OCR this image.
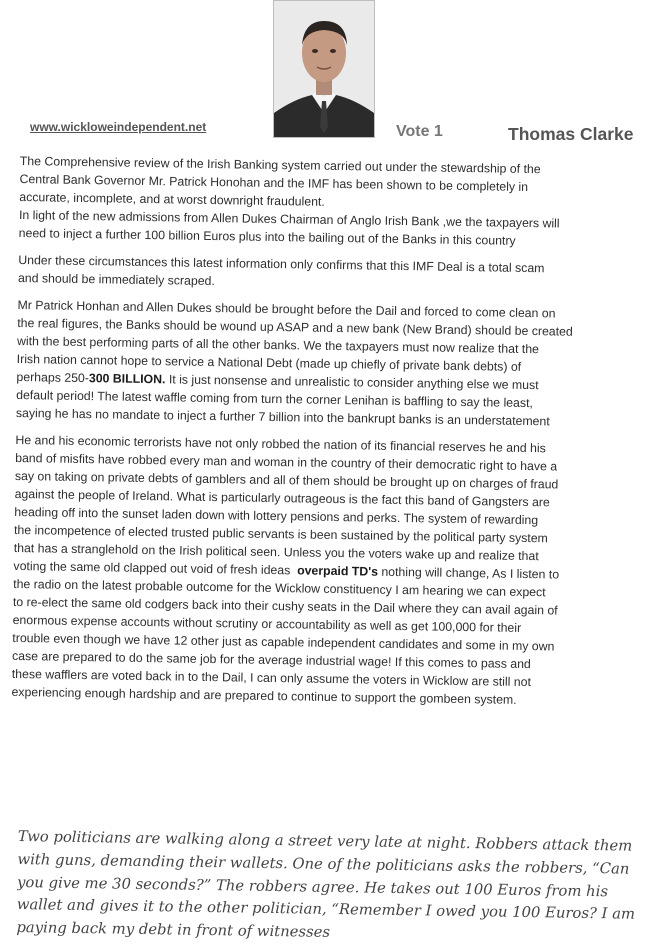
www.wickloweindependent.net	Vote 1	Thomas Clarke
The Comprehensive review of the Irish Banking system carried out under the stewardship of the
Central Bank Governor Mr. Patrick Honohan and the IMF has been shown to be completely in
accurate, incomplete, and at worst downright fraudulent.
In light of the new admissions from Allen Dukes Chairman of Anglo Irish Bank ,we the taxpayers will
need to inject a further 100 billion Euros plus into the bailing out of the Banks in this country
Under these circumstances this latest information only confirms that this IMF Deal is a total scam
and should be immediately scraped.
Mr Patrick Honhan and Allen Dukes should be brought before the Dail and forced to come clean on
the real figures, the Banks should be wound up ASAP and a new bank (New Brand) should be created
with the best performing parts of all the other banks. We the taxpayers must now realize that the
Irish nation cannot hope to service a National Debt (made up chiefly of private bank debts) of
perhaps 250-300 BILLION. It is just nonsense and unrealistic to consider anything else we must
default period! The latest waffle coming from turn the corner Lenihan is baffling to say the least,
saying he has no mandate to inject a further 7 billion into the bankrupt banks is an understatement
He and his economic terrorists have not only robbed the nation of its financial reserves he and his
band of misfits have robbed every man and woman in the country of their democratic right to have a
say on taking on private debts of gamblers and all of them should be brought up on charges of fraud
against the people of Ireland. What is particularly outrageous is the fact this band of Gangsters are
heading off into the sunset laden down with lottery pensions and perks. The system of rewarding
the incompetence of elected trusted public servants is been sustained by the political party system
that has a stranglehold on the Irish political seen. Unless you the voters wake up and realize that
voting the same old clapped out void of fresh ideas  overpaid TD's nothing will change, As I listen to
the radio on the latest probable outcome for the Wicklow constituency I am hearing we can expect
to re-elect the same old codgers back into their cushy seats in the Dail where they can avail again of
enormous expense accounts without scrutiny or accountability as well as get 100,000 for their
trouble even though we have 12 other just as capable independent candidates and some in my own
case are prepared to do the same job for the average industrial wage! If this comes to pass and
these wafflers are voted back in to the Dail, I can only assume the voters in Wicklow are still not
experiencing enough hardship and are prepared to continue to support the gombeen system.
Two politicians are walking along a street very late at night. Robbers attack them
with guns, demanding their wallets. One of the politicians asks the robbers, “Can
you give me 30 seconds?” The robbers agree. He takes out 100 Euros from his
wallet and gives it to the other politician, “Remember I owed you 100 Euros? I am
paying back my debt in front of witnesses
